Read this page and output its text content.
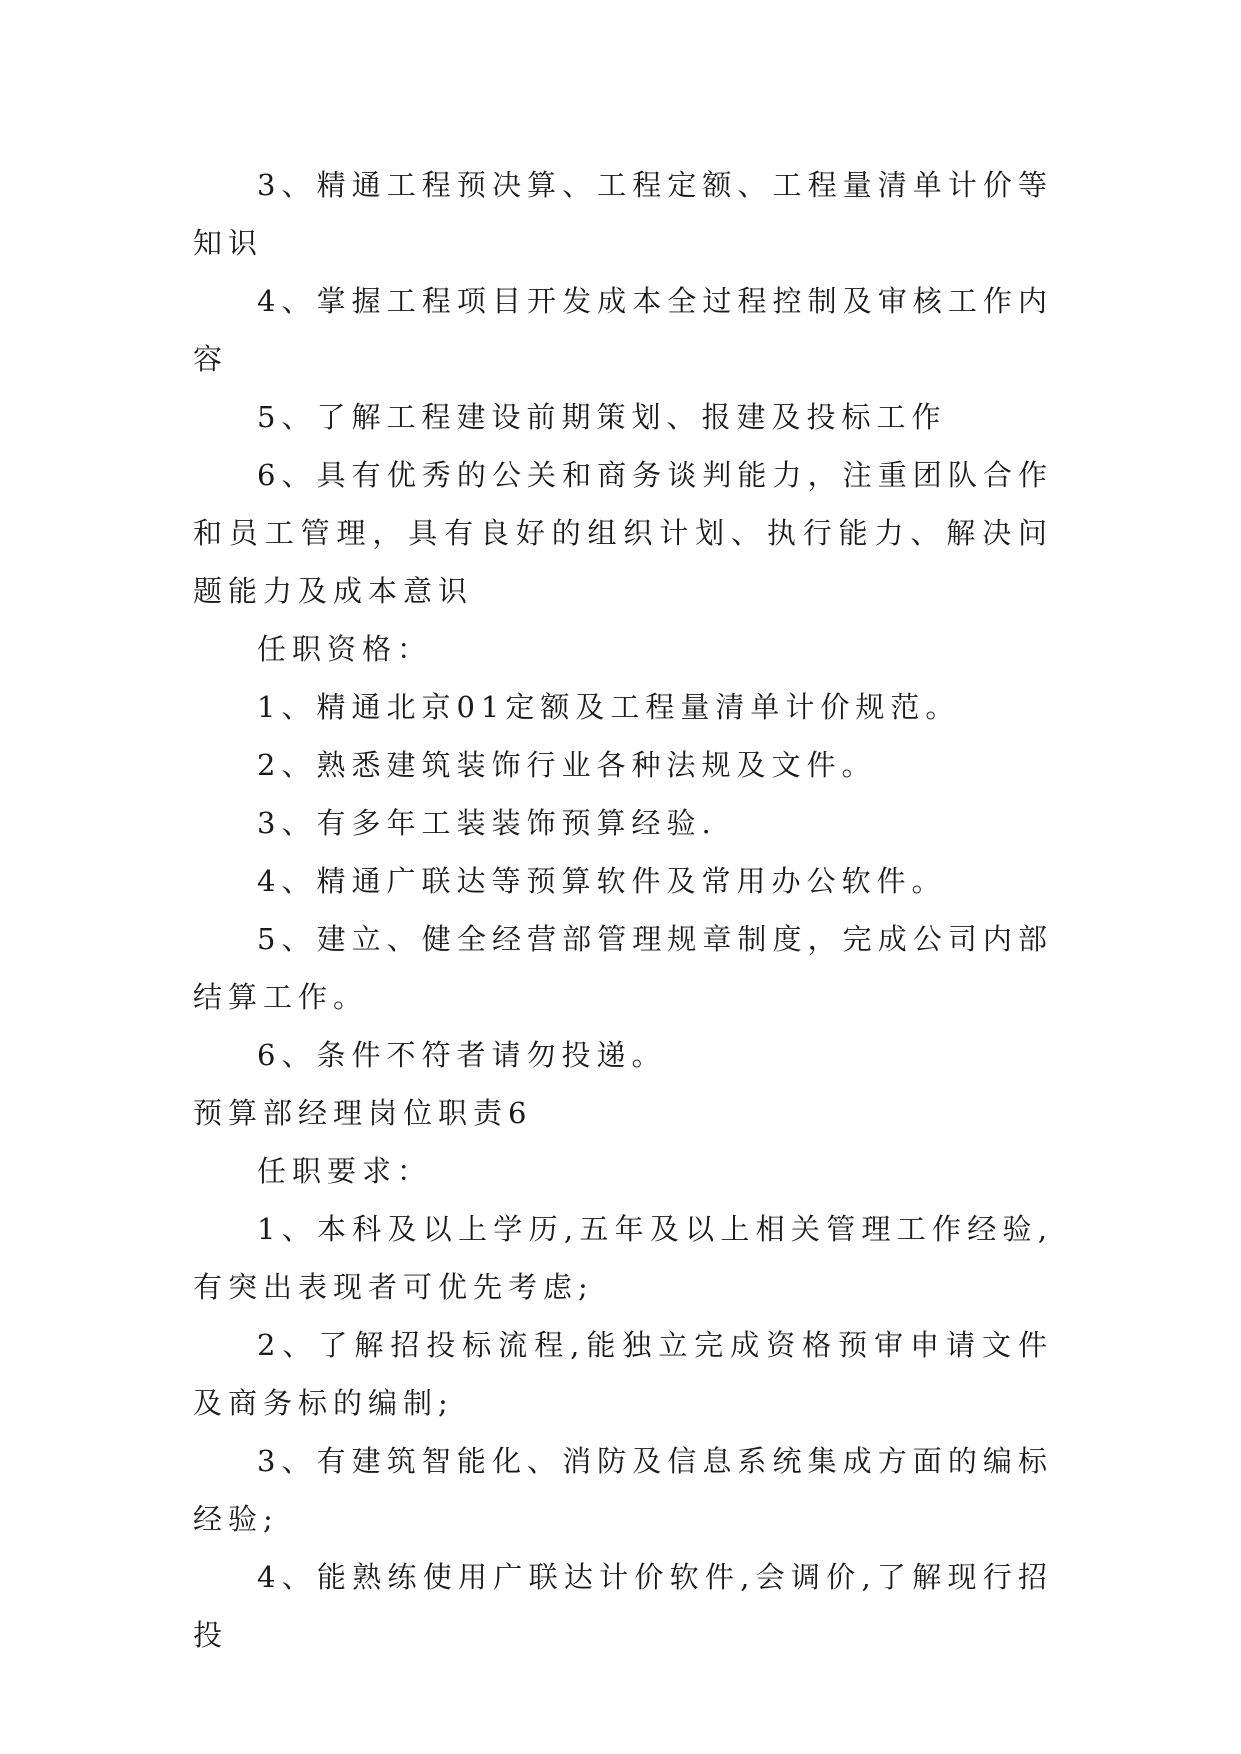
3、精通工程预决算、工程定额、工程量清单计价等知识

4、掌握工程项目开发成本全过程控制及审核工作内容

5、了解工程建设前期策划、报建及投标工作

6、具有优秀的公关和商务谈判能力，注重团队合作和员工管理，具有良好的组织计划、执行能力、解决问题能力及成本意识

任职资格：

1、精通北京01定额及工程量清单计价规范。

2、熟悉建筑装饰行业各种法规及文件。

3、有多年工装装饰预算经验.

4、精通广联达等预算软件及常用办公软件。

5、建立、健全经营部管理规章制度，完成公司内部结算工作。

6、条件不符者请勿投递。

预算部经理岗位职责6

任职要求：

1、本科及以上学历,五年及以上相关管理工作经验,有突出表现者可优先考虑;

2、了解招投标流程,能独立完成资格预审申请文件及商务标的编制;

3、有建筑智能化、消防及信息系统集成方面的编标经验;

4、能熟练使用广联达计价软件,会调价,了解现行招投
